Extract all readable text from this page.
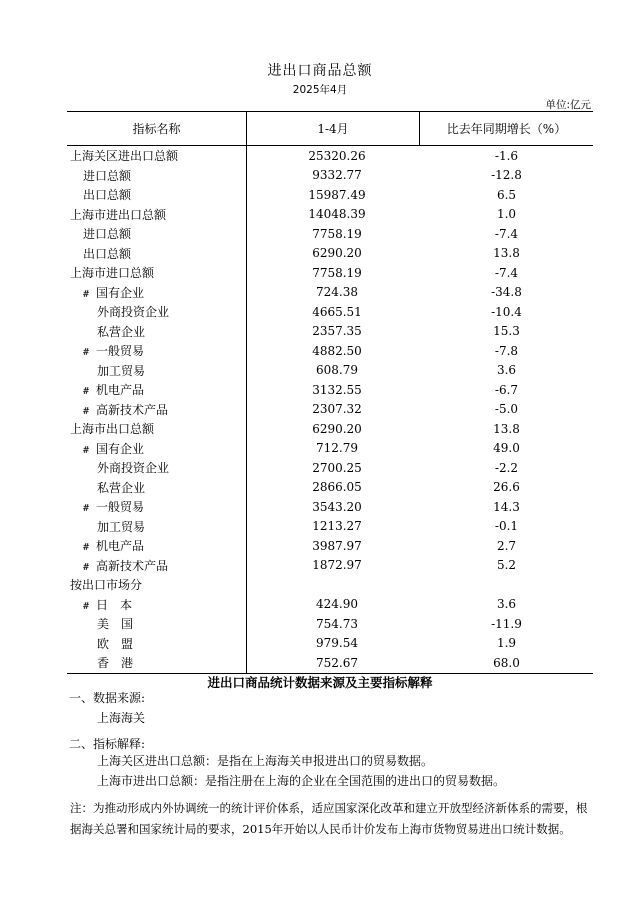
进出口商品总额
2025年4月
单位:亿元
指标名称	1-4月	比去年同期增长（%）
上海关区进出口总额	25320.26	-1.6
进口总额	9332.77	-12.8
出口总额	15987.49	6.5
上海市进出口总额	14048.39	1.0
进口总额	7758.19	-7.4
出口总额	6290.20	13.8
上海市进口总额	7758.19	-7.4
# 国有企业	724.38	-34.8
外商投资企业	4665.51	-10.4
私营企业	2357.35	15.3
# 一般贸易	4882.50	-7.8
加工贸易	608.79	3.6
# 机电产品	3132.55	-6.7
# 高新技术产品	2307.32	-5.0
上海市出口总额	6290.20	13.8
# 国有企业	712.79	49.0
外商投资企业	2700.25	-2.2
私营企业	2866.05	26.6
# 一般贸易	3543.20	14.3
加工贸易	1213.27	-0.1
# 机电产品	3987.97	2.7
# 高新技术产品	1872.97	5.2
按出口市场分
# 日　本	424.90	3.6
美　国	754.73	-11.9
欧　盟	979.54	1.9
香　港	752.67	68.0
进出口商品统计数据来源及主要指标解释
一、数据来源:
上海海关
二、指标解释:
上海关区进出口总额：是指在上海海关申报进出口的贸易数据。
上海市进出口总额：是指注册在上海的企业在全国范围的进出口的贸易数据。
注：为推动形成内外协调统一的统计评价体系，适应国家深化改革和建立开放型经济新体系的需要，根据海关总署和国家统计局的要求，2015年开始以人民币计价发布上海市货物贸易进出口统计数据。
